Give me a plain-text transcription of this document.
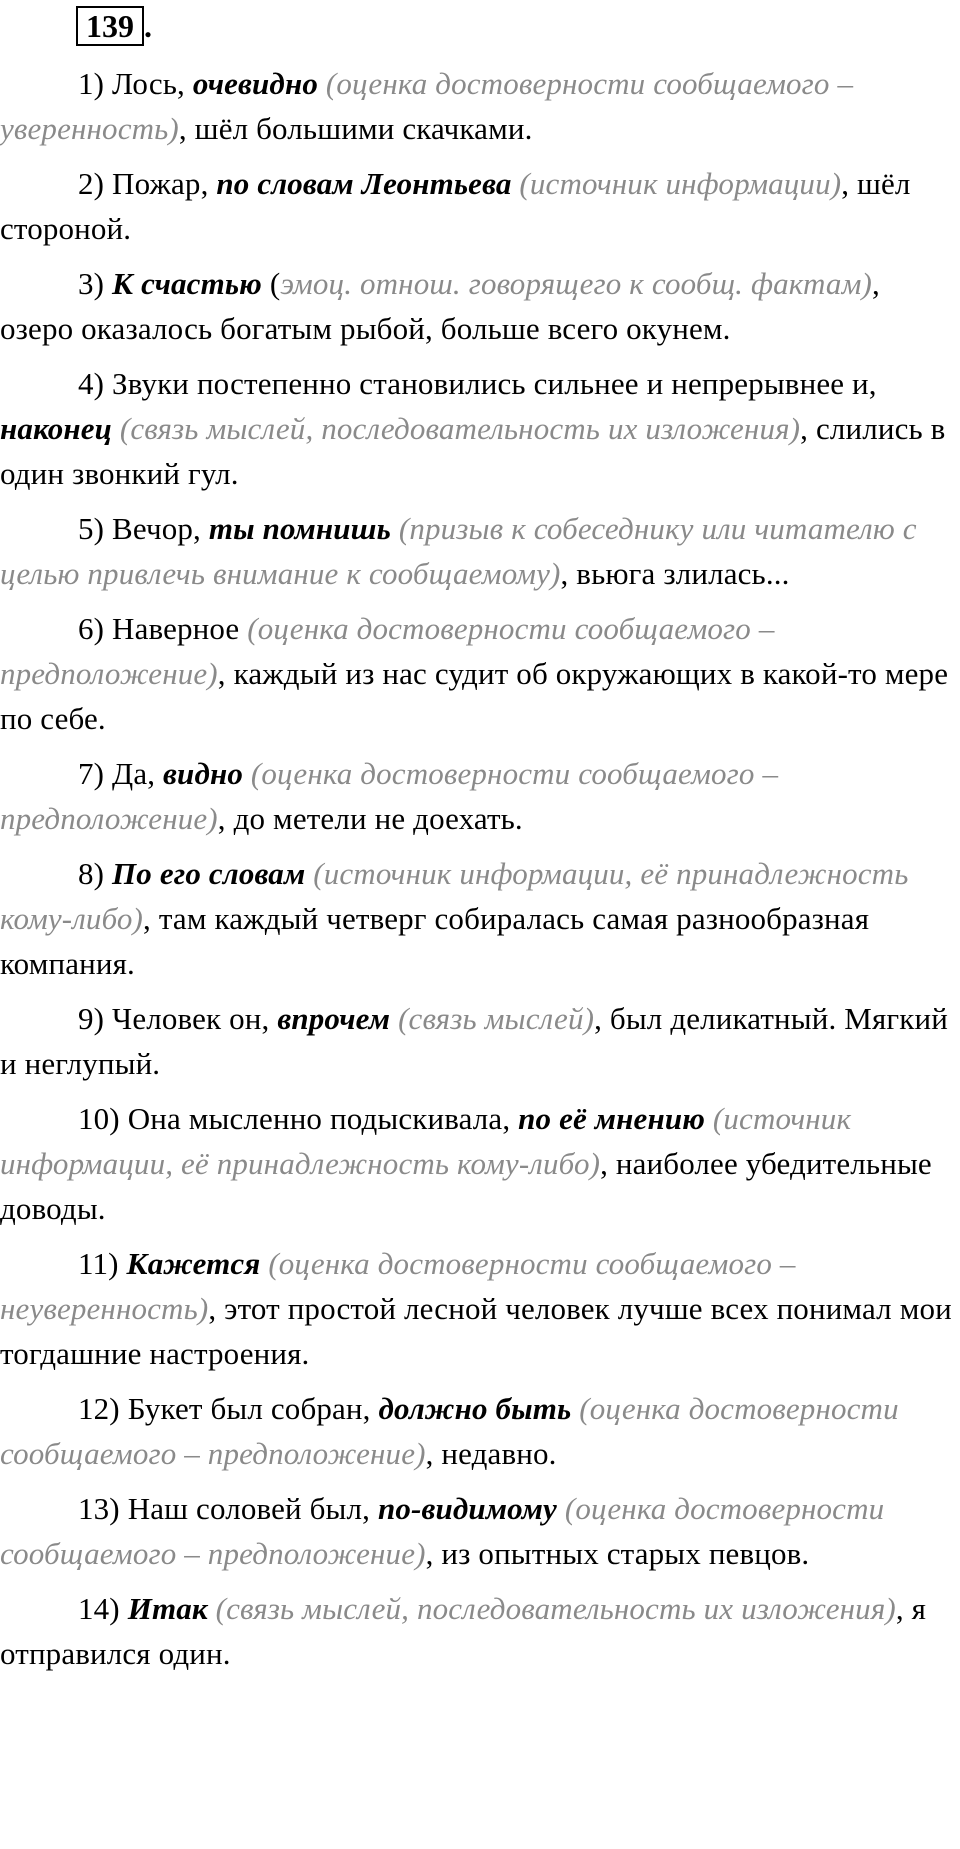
139 .

1) Лось, очевидно (оценка достоверности сообщаемого – уверенность), шёл большими скачками.

2) Пожар, по словам Леонтьева (источник информации), шёл стороной.

3) К счастью (эмоц. отнош. говорящего к сообщ. фактам), озеро оказалось богатым рыбой, больше всего окунем.

4) Звуки постепенно становились сильнее и непрерывнее и, наконец (связь мыслей, последовательность их изложения), слились в один звонкий гул.

5) Вечор, ты помнишь (призыв к собеседнику или читателю с целью привлечь внимание к сообщаемому), вьюга злилась...

6) Наверное (оценка достоверности сообщаемого – предположение), каждый из нас судит об окружающих в какой-то мере по себе.

7) Да, видно (оценка достоверности сообщаемого – предположение), до метели не доехать.

8) По его словам (источник информации, её принадлежность кому-либо), там каждый четверг собиралась самая разнообразная компания.

9) Человек он, впрочем (связь мыслей), был деликатный. Мягкий и неглупый.

10) Она мысленно подыскивала, по её мнению (источник информации, её принадлежность кому-либо), наиболее убедительные доводы.

11) Кажется (оценка достоверности сообщаемого – неуверенность), этот простой лесной человек лучше всех понимал мои тогдашние настроения.

12) Букет был собран, должно быть (оценка достоверности сообщаемого – предположение), недавно.

13) Наш соловей был, по-видимому (оценка достоверности сообщаемого – предположение), из опытных старых певцов.

14) Итак (связь мыслей, последовательность их изложения), я отправился один.
